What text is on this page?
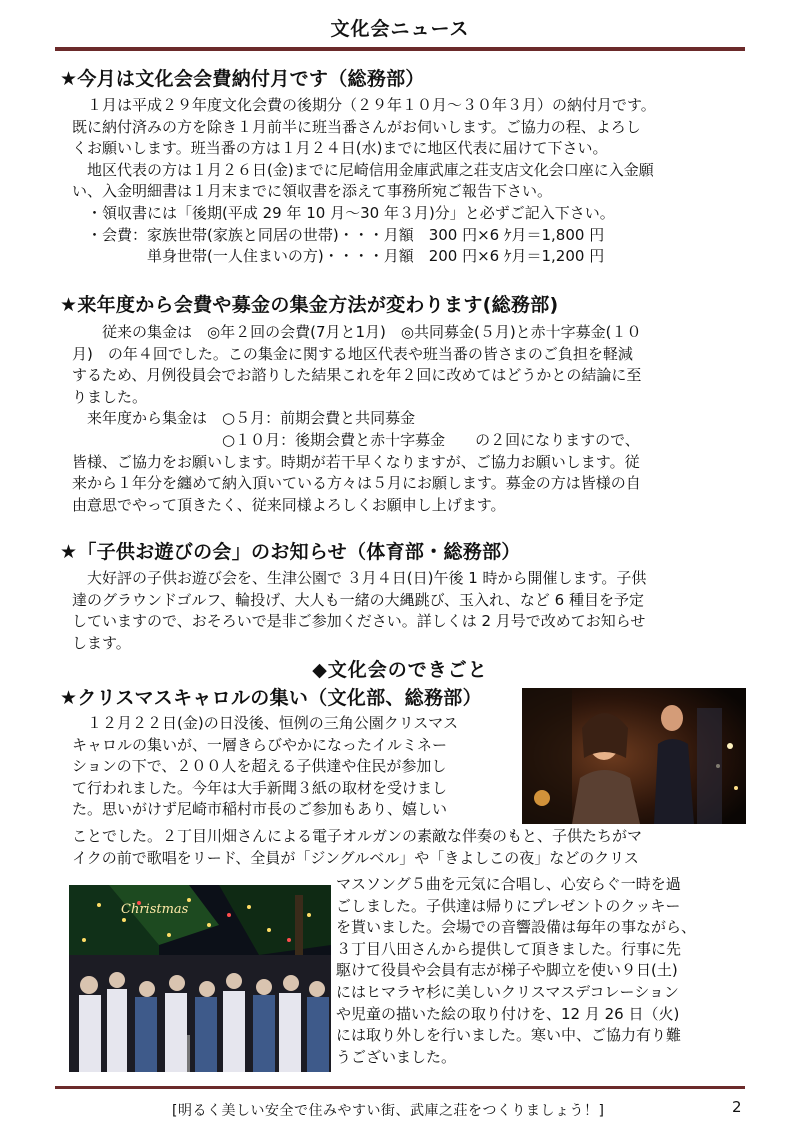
文化会ニュース
★今月は文化会会費納付月です（総務部）

　１月は平成２９年度文化会費の後期分（２９年１０月〜３０年３月）の納付月です。

既に納付済みの方を除き１月前半に班当番さんがお伺いします。ご協力の程、よろし

くお願いします。班当番の方は１月２４日(水)までに地区代表に届けて下さい。

　地区代表の方は１月２６日(金)までに尼崎信用金庫武庫之荘支店文化会口座に入金願

い、入金明細書は１月末までに領収書を添えて事務所宛ご報告下さい。

　・領収書には「後期(平成 29 年 10 月〜30 年３月)分」と必ずご記入下さい。

　・会費：家族世帯(家族と同居の世帯)・・・月額　300 円×6 ｹ月＝1,800 円

　　　　　単身世帯(一人住まいの方)・・・・月額　200 円×6 ｹ月＝1,200 円

★来年度から会費や募金の集金方法が変わります(総務部)

　　従来の集金は　◎年２回の会費(7月と1月)　◎共同募金(５月)と赤十字募金(１０

月)　の年４回でした。この集金に関する地区代表や班当番の皆さまのご負担を軽減

するため、月例役員会でお諮りした結果これを年２回に改めてはどうかとの結論に至

りました。

　来年度から集金は　○５月：前期会費と共同募金

　　　　　　　　　　○１０月：後期会費と赤十字募金　　の２回になりますので、

皆様、ご協力をお願いします。時期が若干早くなりますが、ご協力お願いします。従

来から１年分を纏めて納入頂いている方々は５月にお願します。募金の方は皆様の自

由意思でやって頂きたく、従来同様よろしくお願申し上げます。

★「子供お遊びの会」のお知らせ（体育部・総務部）

　大好評の子供お遊び会を、生津公園で ３月４日(日)午後 1 時から開催します。子供

達のグラウンドゴルフ、輪投げ、大人も一緒の大縄跳び、玉入れ、など 6 種目を予定

していますので、おそろいで是非ご参加ください。詳しくは 2 月号で改めてお知らせ

します。

◆文化会のできごと
★クリスマスキャロルの集い（文化部、総務部）

　１２月２２日(金)の日没後、恒例の三角公園クリスマス

キャロルの集いが、一層きらびやかになったイルミネー

ションの下で、２００人を超える子供達や住民が参加し

て行われました。今年は大手新聞３紙の取材を受けまし

た。思いがけず尼崎市稲村市長のご参加もあり、嬉しい

ことでした。２丁目川畑さんによる電子オルガンの素敵な伴奏のもと、子供たちがマ

イクの前で歌唱をリード、全員が「ジングルベル」や「きよしこの夜」などのクリス

マスソング５曲を元気に合唱し、心安らぐ一時を過

ごしました。子供達は帰りにプレゼントのクッキー

を貰いました。会場での音響設備は毎年の事ながら、

３丁目八田さんから提供して頂きました。行事に先

駆けて役員や会員有志が梯子や脚立を使い９日(土)

にはヒマラヤ杉に美しいクリスマスデコレーション

や児童の描いた絵の取り付けを、12 月 26 日（火)

には取り外しを行いました。寒い中、ご協力有り難

うございました。

Christmas
[明るく美しい安全で住みやすい街、武庫之荘をつくりましょう！]	2
